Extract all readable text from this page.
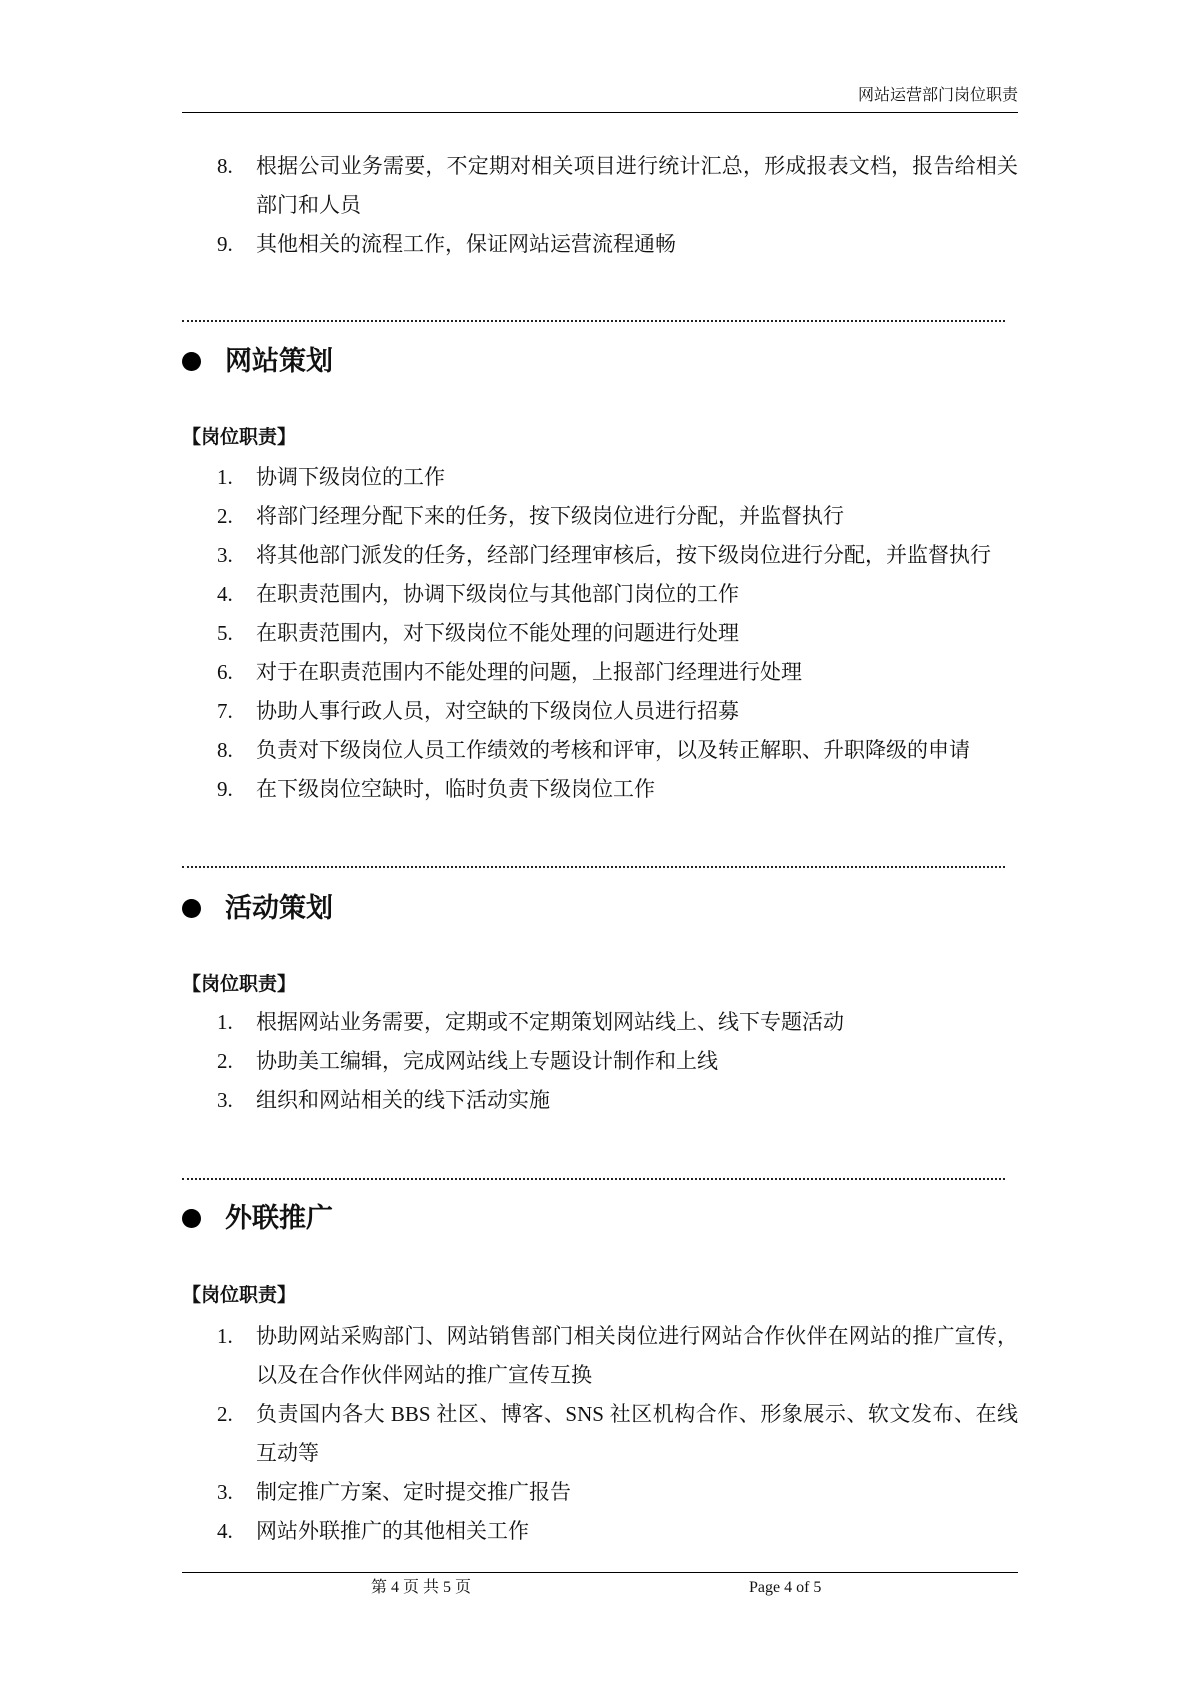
网站运营部门岗位职责
8.	根据公司业务需要，不定期对相关项目进行统计汇总，形成报表文档，报告给相关部门和人员
9.	其他相关的流程工作，保证网站运营流程通畅
网站策划
【岗位职责】
1.	协调下级岗位的工作
2.	将部门经理分配下来的任务，按下级岗位进行分配，并监督执行
3.	将其他部门派发的任务，经部门经理审核后，按下级岗位进行分配，并监督执行
4.	在职责范围内，协调下级岗位与其他部门岗位的工作
5.	在职责范围内，对下级岗位不能处理的问题进行处理
6.	对于在职责范围内不能处理的问题，上报部门经理进行处理
7.	协助人事行政人员，对空缺的下级岗位人员进行招募
8.	负责对下级岗位人员工作绩效的考核和评审，以及转正解职、升职降级的申请
9.	在下级岗位空缺时，临时负责下级岗位工作
活动策划
【岗位职责】
1.	根据网站业务需要，定期或不定期策划网站线上、线下专题活动
2.	协助美工编辑，完成网站线上专题设计制作和上线
3.	组织和网站相关的线下活动实施
外联推广
【岗位职责】
1.	协助网站采购部门、网站销售部门相关岗位进行网站合作伙伴在网站的推广宣传，以及在合作伙伴网站的推广宣传互换
2.	负责国内各大 BBS 社区、博客、SNS 社区机构合作、形象展示、软文发布、在线互动等
3.	制定推广方案、定时提交推广报告
4.	网站外联推广的其他相关工作
第 4 页 共 5 页	Page 4 of 5
